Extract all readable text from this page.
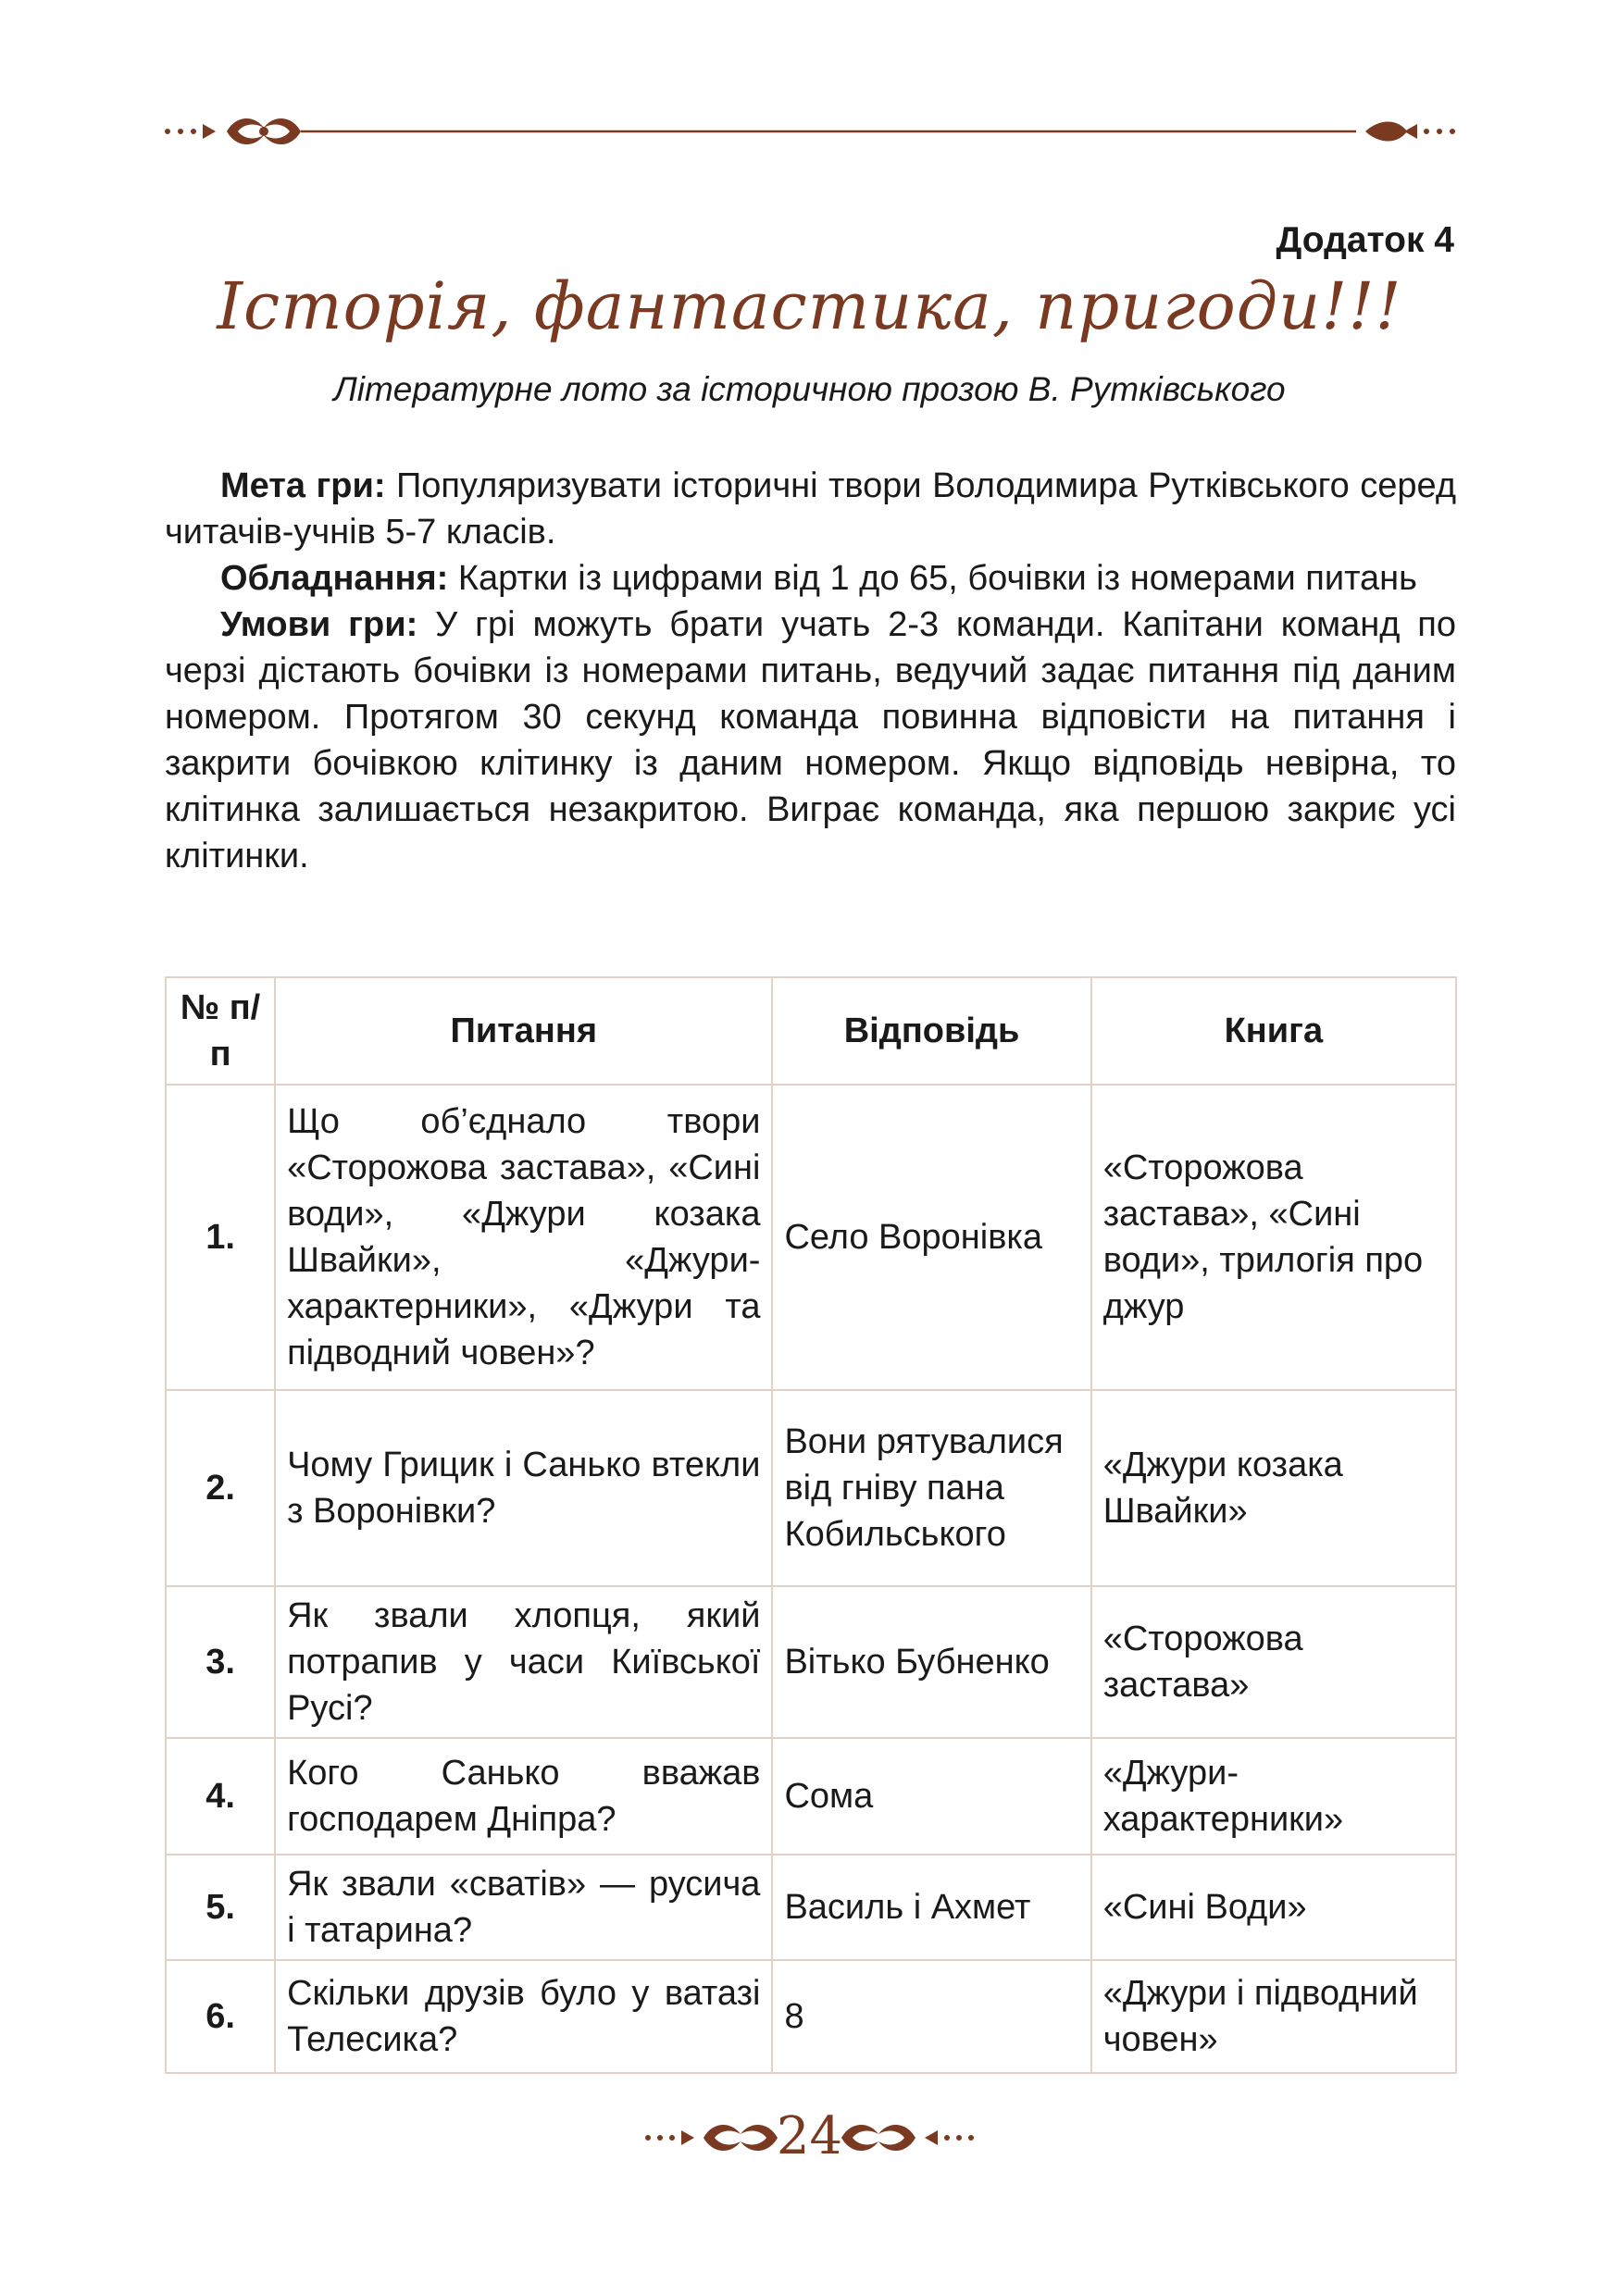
Додаток 4
Історія, фантастика, пригоди!!!
Літературне лото за історичною прозою В. Рутківського

Мета гри: Популяризувати історичні твори Володимира Рутківського серед читачів-учнів 5-7 класів.

Обладнання: Картки із цифрами від 1 до 65, бочівки із номерами питань

Умови гри: У грі можуть брати учать 2-3 команди. Капітани команд по черзі дістають бочівки із номерами питань, ведучий задає питання під даним номером. Протягом 30 секунд команда повинна відповісти на питання і закрити бочівкою клітинку із даним номером. Якщо відповідь невірна, то клітинка залишається незакритою. Виграє команда, яка першою закриє усі клітинки.

№ п/п	Питання	Відповідь	Книга
1.	Що об’єднало твори «Сторожова застава», «Сині води», «Джури козака Швайки», «Джури-характерники», «Джури та підводний човен»?	Село Воронівка	«Сторожова застава», «Сині води», трилогія про джур
2.	Чому Грицик і Санько втекли з Воронівки?	Вони рятувалися від гніву пана Кобильського	«Джури козака Швайки»
3.	Як звали хлопця, який потрапив у часи Київської Русі?	Вітько Бубненко	«Сторожова застава»
4.	Кого Санько вважав господарем Дніпра?	Сома	«Джури-характерники»
5.	Як звали «сватів» — русича і татарина?	Василь і Ахмет	«Сині Води»
6.	Скільки друзів було у ватазі Телесика?	8	«Джури і підводний човен»
24
